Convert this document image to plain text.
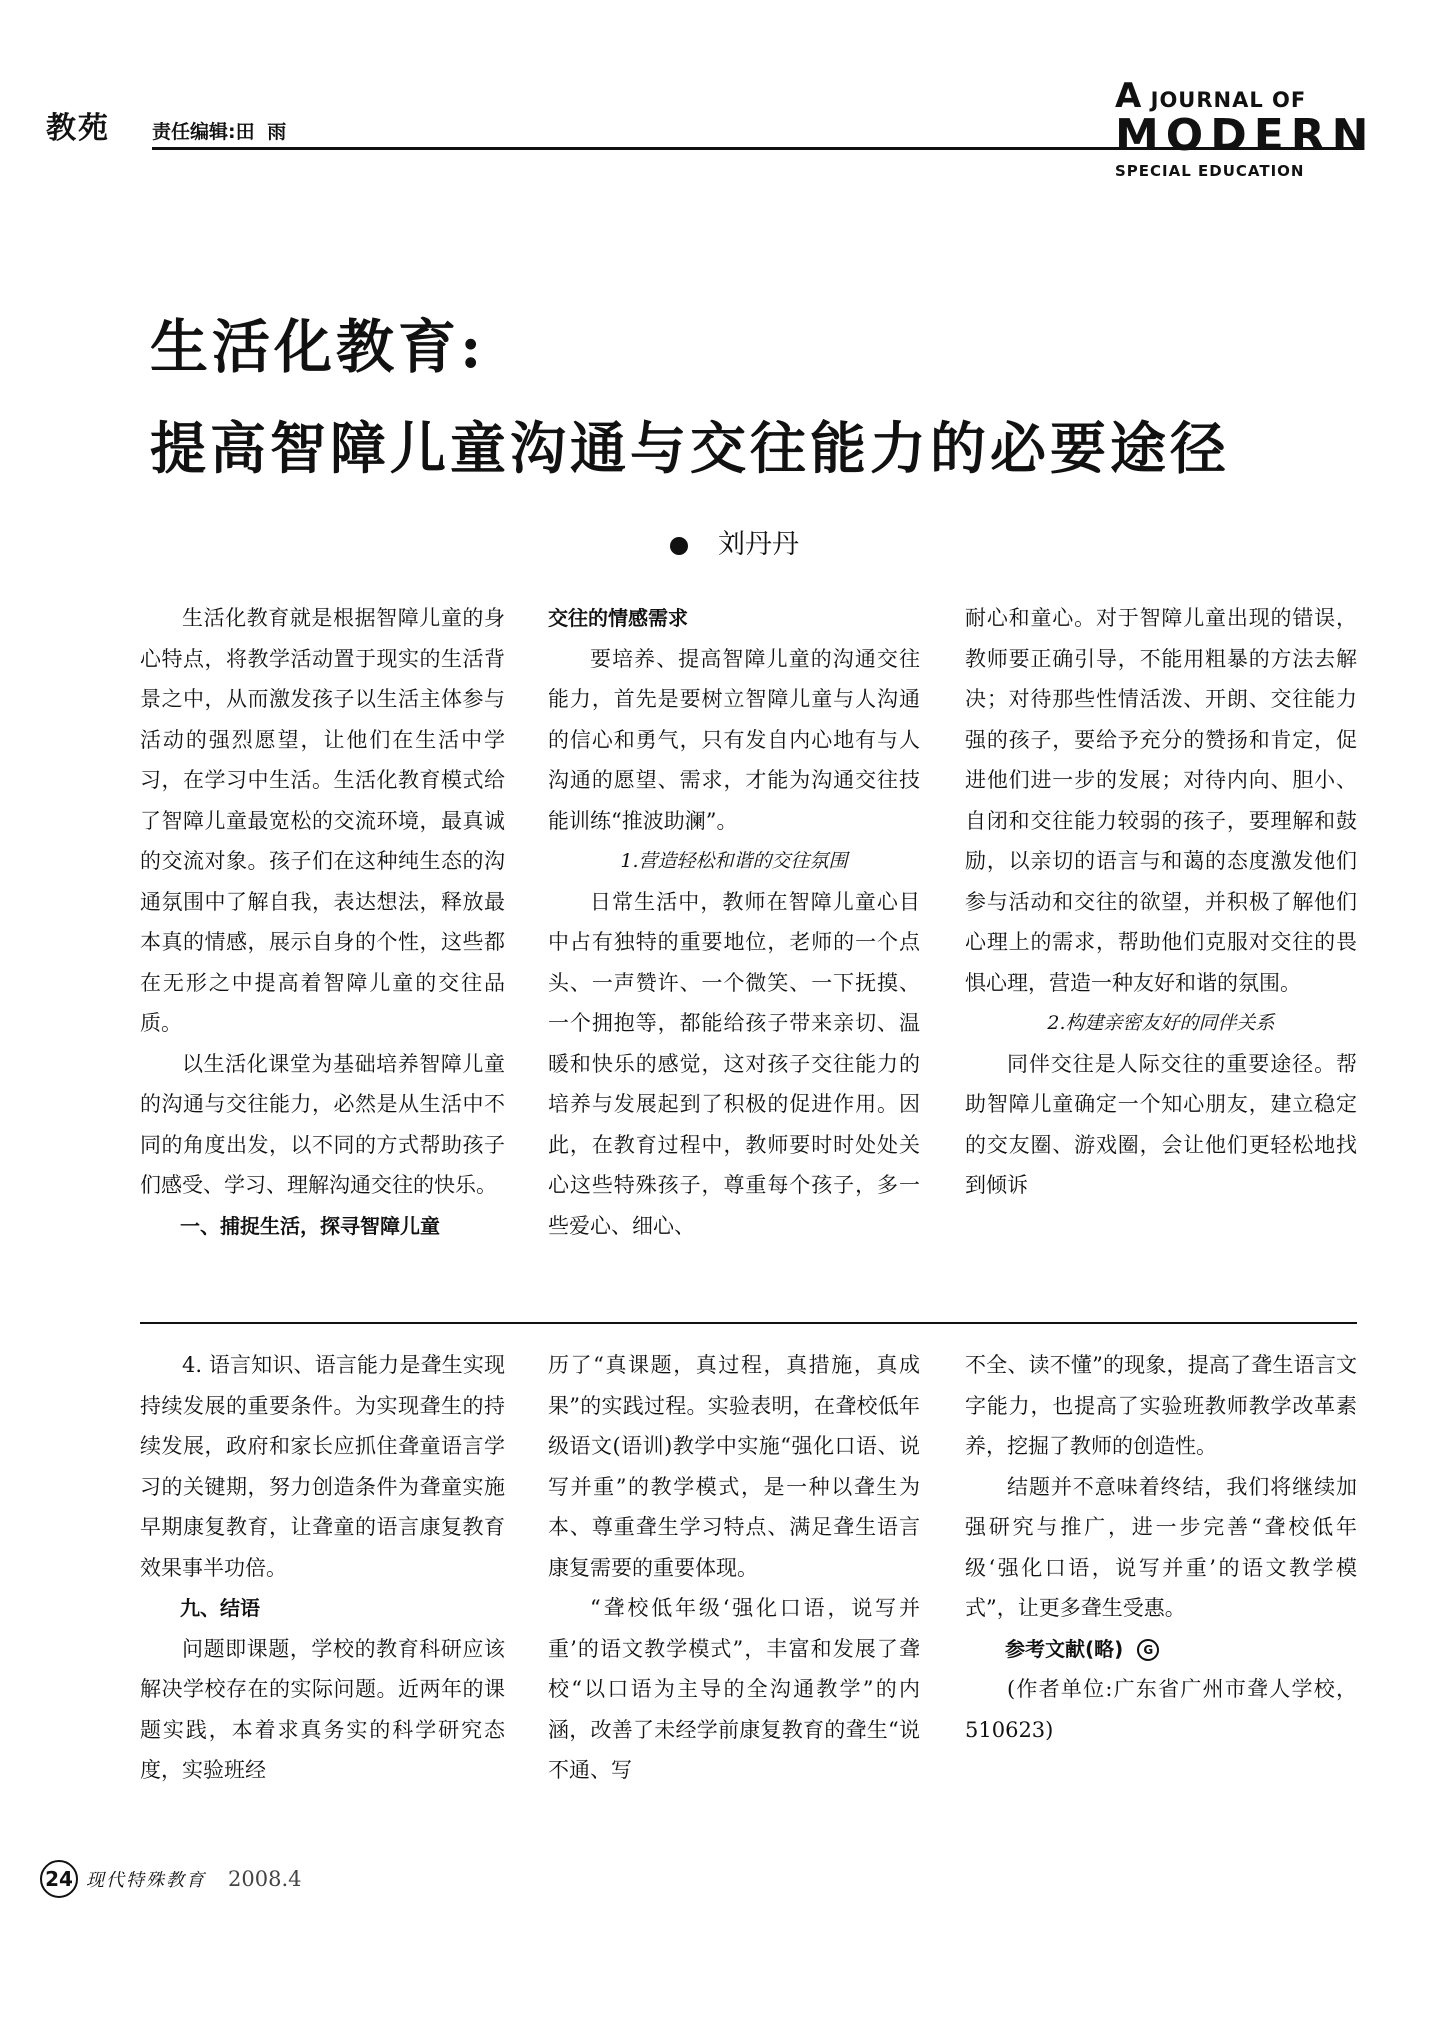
教苑 责任编辑:田 雨
A JOURNAL OF
MODERN
SPECIAL EDUCATION
生活化教育:
提高智障儿童沟通与交往能力的必要途径
刘丹丹

生活化教育就是根据智障儿童的身心特点，将教学活动置于现实的生活背景之中，从而激发孩子以生活主体参与活动的强烈愿望，让他们在生活中学习，在学习中生活。生活化教育模式给了智障儿童最宽松的交流环境，最真诚的交流对象。孩子们在这种纯生态的沟通氛围中了解自我，表达想法，释放最本真的情感，展示自身的个性，这些都在无形之中提高着智障儿童的交往品质。

以生活化课堂为基础培养智障儿童的沟通与交往能力，必然是从生活中不同的角度出发，以不同的方式帮助孩子们感受、学习、理解沟通交往的快乐。

一、捕捉生活，探寻智障儿童

交往的情感需求

要培养、提高智障儿童的沟通交往能力，首先是要树立智障儿童与人沟通的信心和勇气，只有发自内心地有与人沟通的愿望、需求，才能为沟通交往技能训练“推波助澜”。

1.营造轻松和谐的交往氛围

日常生活中，教师在智障儿童心目中占有独特的重要地位，老师的一个点头、一声赞许、一个微笑、一下抚摸、一个拥抱等，都能给孩子带来亲切、温暖和快乐的感觉，这对孩子交往能力的培养与发展起到了积极的促进作用。因此，在教育过程中，教师要时时处处关心这些特殊孩子，尊重每个孩子，多一些爱心、细心、

耐心和童心。对于智障儿童出现的错误，教师要正确引导，不能用粗暴的方法去解决；对待那些性情活泼、开朗、交往能力强的孩子，要给予充分的赞扬和肯定，促进他们进一步的发展；对待内向、胆小、自闭和交往能力较弱的孩子，要理解和鼓励，以亲切的语言与和蔼的态度激发他们参与活动和交往的欲望，并积极了解他们心理上的需求，帮助他们克服对交往的畏惧心理，营造一种友好和谐的氛围。

2.构建亲密友好的同伴关系

同伴交往是人际交往的重要途径。帮助智障儿童确定一个知心朋友，建立稳定的交友圈、游戏圈，会让他们更轻松地找到倾诉

4. 语言知识、语言能力是聋生实现持续发展的重要条件。为实现聋生的持续发展，政府和家长应抓住聋童语言学习的关键期，努力创造条件为聋童实施早期康复教育，让聋童的语言康复教育效果事半功倍。

九、结语

问题即课题，学校的教育科研应该解决学校存在的实际问题。近两年的课题实践，本着求真务实的科学研究态度，实验班经

历了“真课题，真过程，真措施，真成果”的实践过程。实验表明，在聋校低年级语文(语训)教学中实施“强化口语、说写并重”的教学模式，是一种以聋生为本、尊重聋生学习特点、满足聋生语言康复需要的重要体现。

“聋校低年级‘强化口语，说写并重’的语文教学模式”，丰富和发展了聋校“以口语为主导的全沟通教学”的内涵，改善了未经学前康复教育的聋生“说不通、写

不全、读不懂”的现象，提高了聋生语言文字能力，也提高了实验班教师教学改革素养，挖掘了教师的创造性。

结题并不意味着终结，我们将继续加强研究与推广，进一步完善“聋校低年级‘强化口语，说写并重’的语文教学模式”，让更多聋生受惠。

参考文献(略) G

(作者单位:广东省广州市聋人学校，510623)

24 现代特殊教育 2008.4
